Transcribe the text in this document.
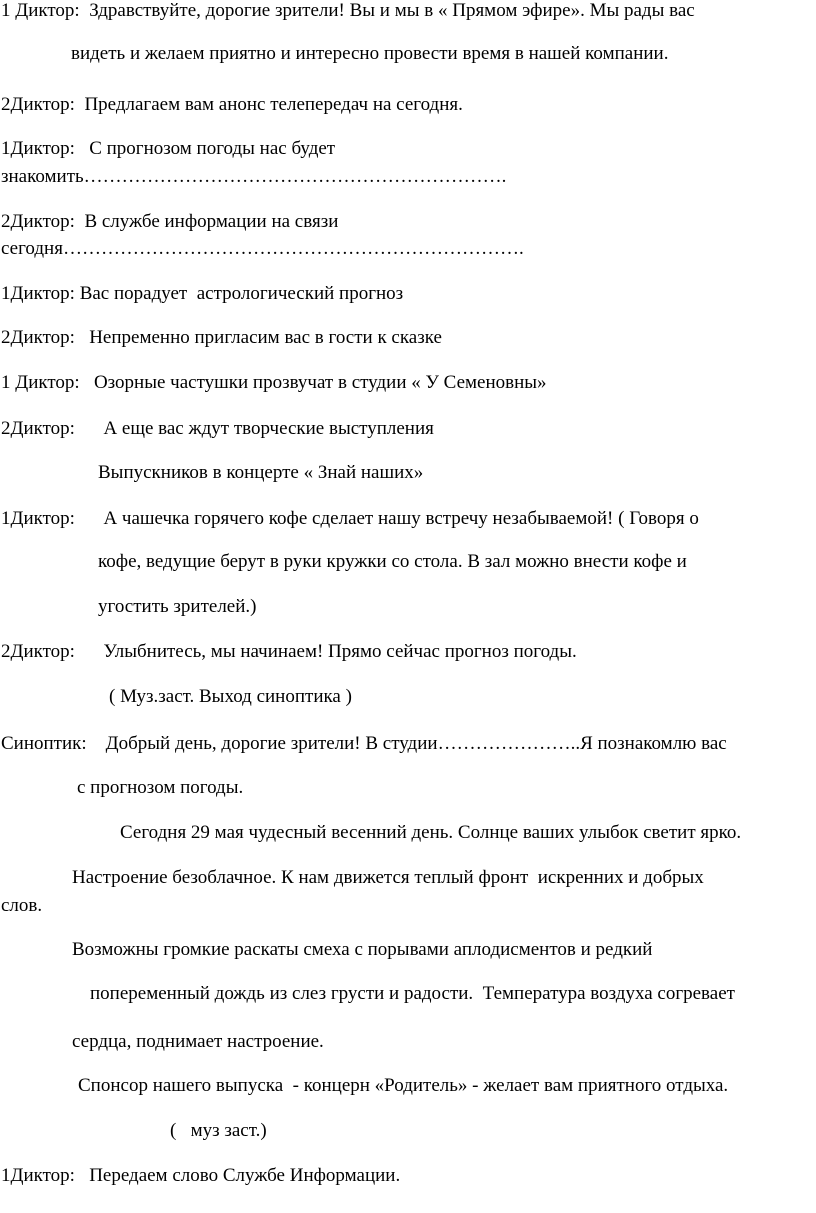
1 Диктор:  Здравствуйте, дорогие зрители! Вы и мы в « Прямом эфире». Мы рады вас

видеть и желаем приятно и интересно провести время в нашей компании.

2Диктор:  Предлагаем вам анонс телепередач на сегодня.

1Диктор:   С прогнозом погоды нас будет

знакомить………………………………………………………….

2Диктор:  В службе информации на связи

сегодня……………………………………………………………….

1Диктор: Вас порадует  астрологический прогноз

2Диктор:   Непременно пригласим вас в гости к сказке

1 Диктор:   Озорные частушки прозвучат в студии « У Семеновны»

2Диктор:      А еще вас ждут творческие выступления

Выпускников в концерте « Знай наших»

1Диктор:      А чашечка горячего кофе сделает нашу встречу незабываемой! ( Говоря о

кофе, ведущие берут в руки кружки со стола. В зал можно внести кофе и

угостить зрителей.)

2Диктор:      Улыбнитесь, мы начинаем! Прямо сейчас прогноз погоды.

( Муз.заст. Выход синоптика )

Синоптик:    Добрый день, дорогие зрители! В студии…………………..Я познакомлю вас

с прогнозом погоды.

Сегодня 29 мая чудесный весенний день. Солнце ваших улыбок светит ярко.

Настроение безоблачное. К нам движется теплый фронт  искренних и добрых

слов.

Возможны громкие раскаты смеха с порывами аплодисментов и редкий

попеременный дождь из слез грусти и радости.  Температура воздуха согревает

сердца, поднимает настроение.

Спонсор нашего выпуска  - концерн «Родитель» - желает вам приятного отдыха.

(   муз заст.)

1Диктор:   Передаем слово Службе Информации.
